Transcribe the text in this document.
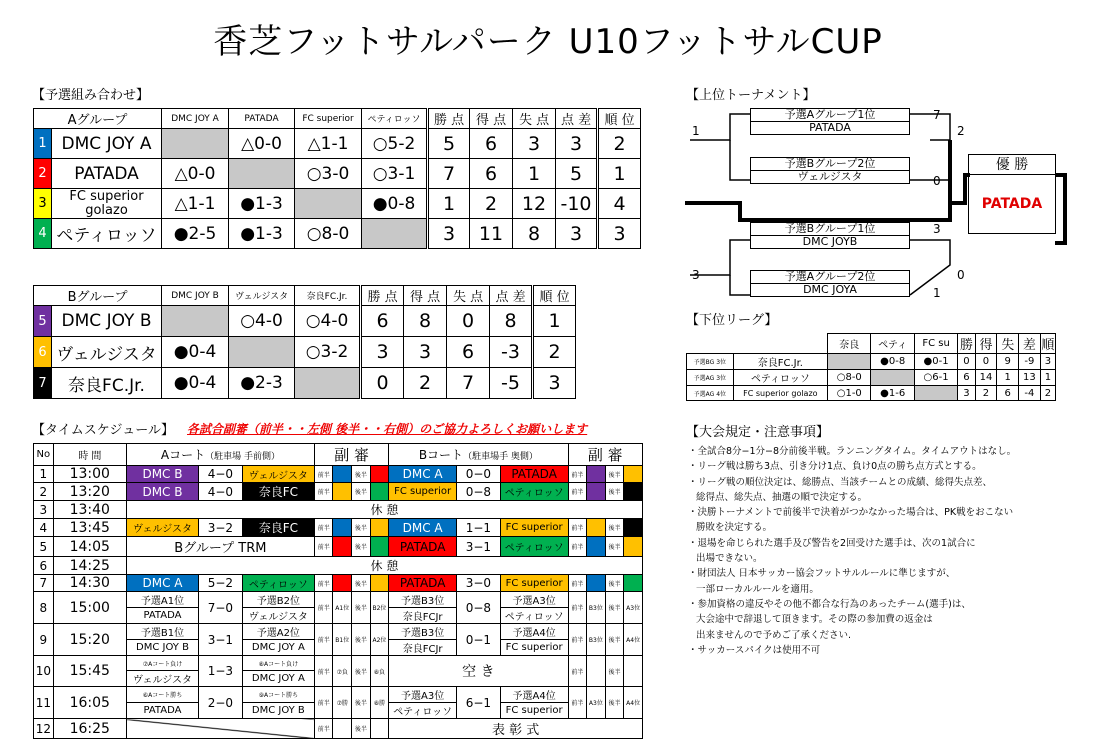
香芝フットサルパーク U10フットサルCUP
【予選組み合わせ】
Aグループ		DMC JOY A	PATADA	FC superior	ペティロッソ	勝 点	得 点	失 点	点 差	順 位
1	DMC JOY A		△0-0	△1-1	○5-2	5	6	3	3	2
2	PATADA	△0-0		○3-0	○3-1	7	6	1	5	1
3	FC superior golazo	△1-1	●1-3		●0-8	1	2	12	-10	4
4	ペティロッソ	●2-5	●1-3	○8-0		3	11	8	3	3
Bグループ		DMC JOY B	ヴェルジスタ	奈良FC.Jr.	勝 点	得 点	失 点	点 差	順 位
5	DMC JOY B		○4-0	○4-0	6	8	0	8	1
6	ヴェルジスタ	●0-4		○3-2	3	3	6	-3	2
7	奈良FC.Jr.	●0-4	●2-3		0	2	7	-5	3
【上位トーナメント】
予選Aグループ1位
PATADA
予選Bグループ2位
ヴェルジスタ
予選Bグループ1位
DMC JOYB
予選Aグループ2位
DMC JOYA
1
7
2
0
3
3	0
1
優 勝
PATADA
【下位リーグ】
		奈良	ペティ	FC su	勝	得	失	差	順
予選BG 3位	奈良FC.Jr.		●0-8	●0-1	0	0	9	-9	3
予選AG 3位	ペティロッソ	○8-0		○6-1	6	14	1	13	1
予選AG 4位	FC superior golazo	○1-0	●1-6		3	2	6	-4	2
【大会規定・注意事項】
・全試合8分−1分−8分前後半戦。ランニングタイム。タイムアウトはなし。
・リーグ戦は勝ち3点、引き分け1点、負け0点の勝ち点方式とする。
・リーグ戦の順位決定は、総勝点、当該チームとの成績、総得失点差、
総得点、総失点、抽選の順で決定する。
・決勝トーナメントで前後半で決着がつかなかった場合は、PK戦をおこない
勝敗を決定する。
・退場を命じられた選手及び警告を2回受けた選手は、次の1試合に
出場できない。
・財団法人 日本サッカー協会フットサルルールに準じますが、
一部ローカルルールを適用。
・参加資格の違反やその他不都合な行為のあったチーム(選手)は、
大会途中で辞退して頂きます。その際の参加費の返金は
出来ませんので予めご了承ください.
・サッカースパイクは使用不可
【タイムスケジュール】 各試合副審（前半・・左側 後半・・右側）のご協力よろしくお願いします
No	時 間	Aコート（駐車場 手前側）			副 審				Bコート（駐車場手 奥側）			副 審			
1	13:00	DMC B	4−0	ヴェルジスタ	前半		後半		DMC A	0−0	PATADA	前半		後半	
2	13:20	DMC B	4−0	奈良FC	前半		後半		FC superior	0−8	ペティロッソ	前半		後半	
3	13:40	休 憩													
4	13:45	ヴェルジスタ	3−2	奈良FC	前半		後半		DMC A	1−1	FC superior	前半		後半	
5	14:05	Bグループ TRM			前半		後半		PATADA	3−1	ペティロッソ	前半		後半	
6	14:25	休 憩													
7	14:30	DMC A	5−2	ペティロッソ	前半		後半		PATADA	3−0	FC superior	前半		後半	
8	15:00	予選A1位	7−0	予選B2位	前半	A1位	後半	B2位	予選B3位	0−8	予選A3位	前半	B3位	後半	A3位
		PATADA		ヴェルジスタ					奈良FCJr		ペティロッソ				
9	15:20	予選B1位	3−1	予選A2位	前半	B1位	後半	A2位	予選B3位	0−1	予選A4位	前半	B3位	後半	A4位
		DMC JOY B		DMC JOY A					奈良FCJr		FC superior				
10	15:45	⑦Aコート負け	1−3	⑧Aコート負け	前半	⑦負	後半	⑧負	空 き			前半		後半	
		ヴェルジスタ		DMC JOY A											
11	16:05	⑥Aコート勝ち	2−0	⑨Aコート勝ち	前半	⑦勝	後半	⑧勝	予選A3位	6−1	予選A4位	前半	A3位	後半	A4位
		PATADA		DMC JOY B					ペティロッソ		FC superior				
12	16:25				前半		後半		表 彰 式						
